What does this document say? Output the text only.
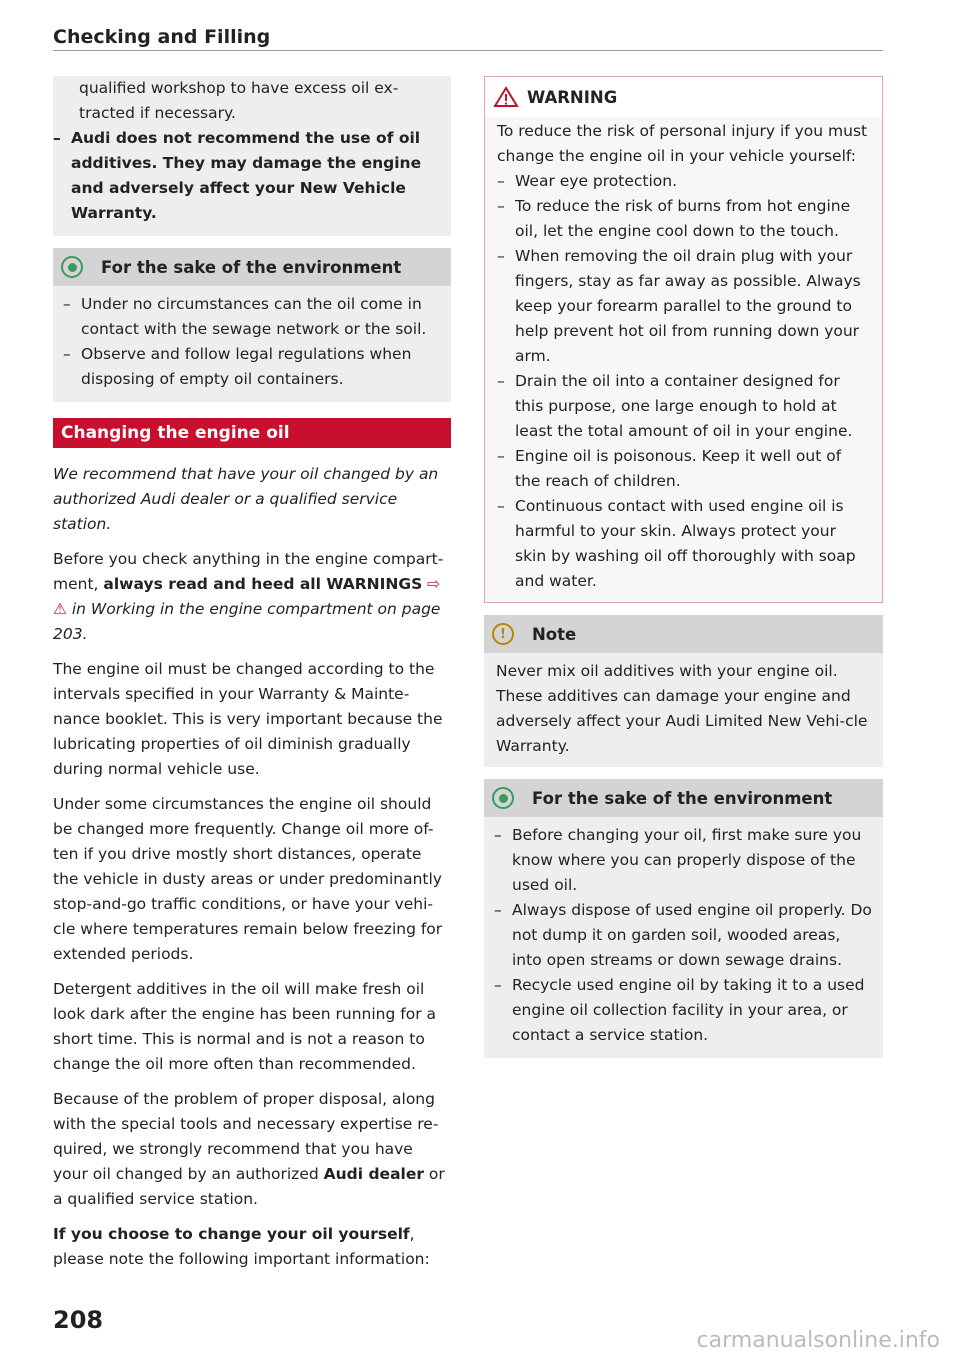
Checking and Filling
qualified workshop to have excess oil ex-
tracted if necessary.
– Audi does not recommend the use of oil additives. They may damage the engine and adversely affect your New Vehicle Warranty.
For the sake of the environment
– Under no circumstances can the oil come in contact with the sewage network or the soil.
– Observe and follow legal regulations when disposing of empty oil containers.
Changing the engine oil

We recommend that have your oil changed by an authorized Audi dealer or a qualified service station.

Before you check anything in the engine compart-ment, always read and heed all WARNINGS ⇨ ⚠ in Working in the engine compartment on page 203.

The engine oil must be changed according to the intervals specified in your Warranty & Mainte-nance booklet. This is very important because the lubricating properties of oil diminish gradually during normal vehicle use.

Under some circumstances the engine oil should be changed more frequently. Change oil more of-ten if you drive mostly short distances, operate the vehicle in dusty areas or under predominantly stop-and-go traffic conditions, or have your vehi-cle where temperatures remain below freezing for extended periods.

Detergent additives in the oil will make fresh oil look dark after the engine has been running for a short time. This is normal and is not a reason to change the oil more often than recommended.

Because of the problem of proper disposal, along with the special tools and necessary expertise re-quired, we strongly recommend that you have your oil changed by an authorized Audi dealer or a qualified service station.

If you choose to change your oil yourself, please note the following important information:

WARNING
To reduce the risk of personal injury if you must change the engine oil in your vehicle yourself:
– Wear eye protection.
– To reduce the risk of burns from hot engine oil, let the engine cool down to the touch.
– When removing the oil drain plug with your fingers, stay as far away as possible. Always keep your forearm parallel to the ground to help prevent hot oil from running down your arm.
– Drain the oil into a container designed for this purpose, one large enough to hold at least the total amount of oil in your engine.
– Engine oil is poisonous. Keep it well out of the reach of children.
– Continuous contact with used engine oil is harmful to your skin. Always protect your skin by washing oil off thoroughly with soap and water.
!	Note
Never mix oil additives with your engine oil. These additives can damage your engine and adversely affect your Audi Limited New Vehi-cle Warranty.
For the sake of the environment
– Before changing your oil, first make sure you know where you can properly dispose of the used oil.
– Always dispose of used engine oil properly. Do not dump it on garden soil, wooded areas, into open streams or down sewage drains.
– Recycle used engine oil by taking it to a used engine oil collection facility in your area, or contact a service station.
208
carmanualsonline.info
